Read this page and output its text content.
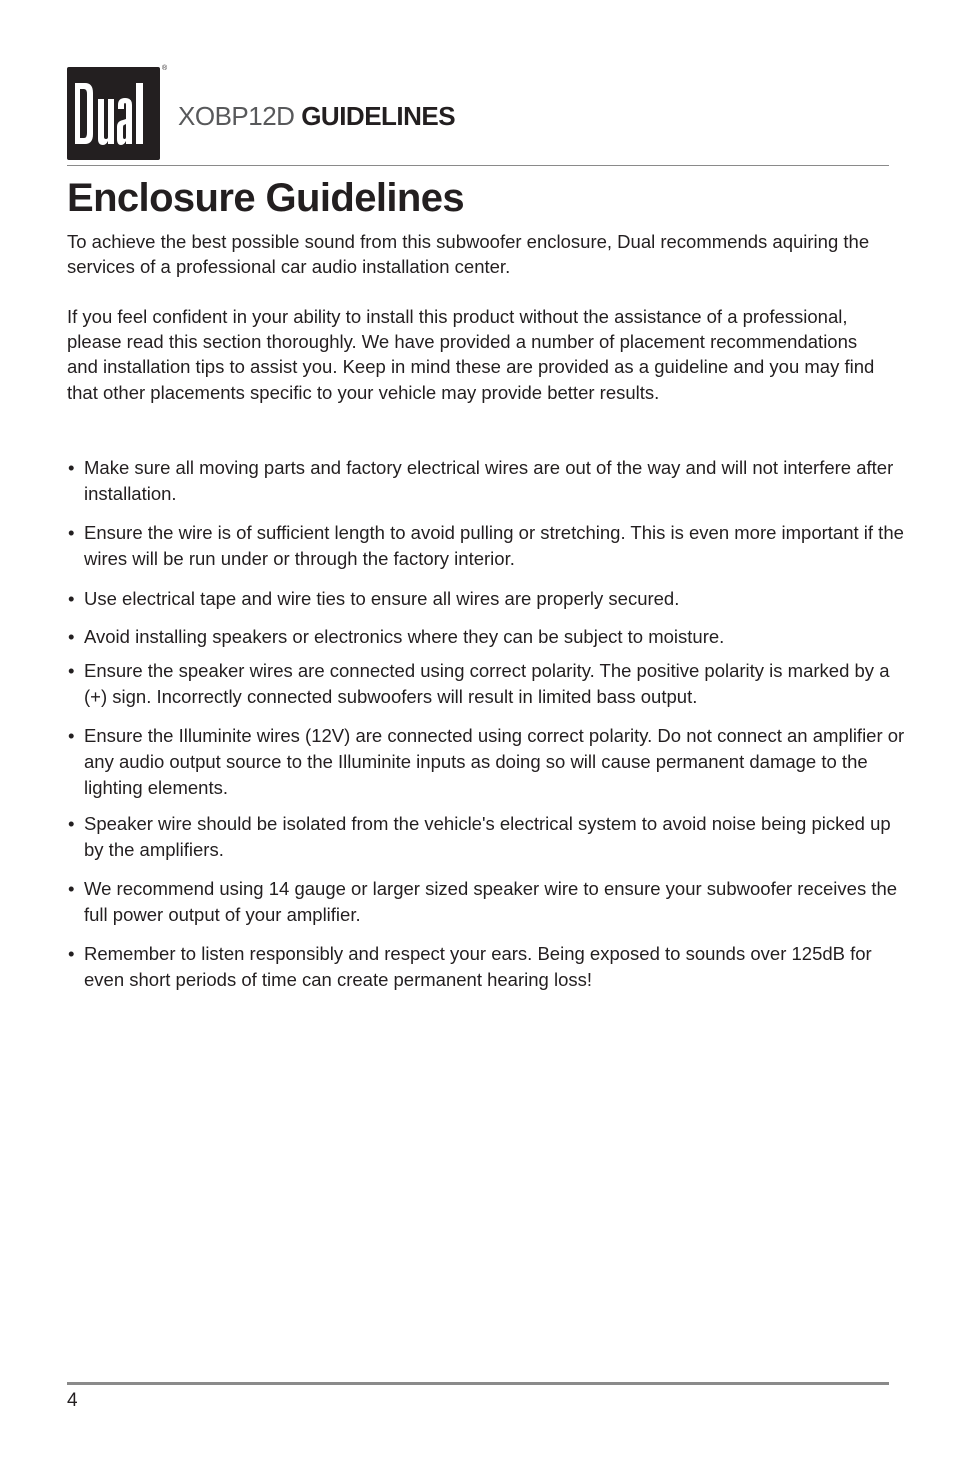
®
XOBP12D GUIDELINES
Enclosure Guidelines

To achieve the best possible sound from this subwoofer enclosure, Dual recommends aquiring the services of a professional car audio installation center.

If you feel confident in your ability to install this product without the assistance of a professional, please read this section thoroughly. We have provided a number of placement recommendations and installation tips to assist you. Keep in mind these are provided as a guideline and you may find that other placements specific to your vehicle may provide better results.

• Make sure all moving parts and factory electrical wires are out of the way and will not interfere after installation.
• Ensure the wire is of sufficient length to avoid pulling or stretching. This is even more important if the wires will be run under or through the factory interior.
• Use electrical tape and wire ties to ensure all wires are properly secured.
• Avoid installing speakers or electronics where they can be subject to moisture.
• Ensure the speaker wires are connected using correct polarity. The positive polarity is marked by a (+) sign. Incorrectly connected subwoofers will result in limited bass output.
• Ensure the Illuminite wires (12V) are connected using correct polarity. Do not connect an amplifier or any audio output source to the Illuminite inputs as doing so will cause permanent damage to the lighting elements.
• Speaker wire should be isolated from the vehicle's electrical system to avoid noise being picked up by the amplifiers.
• We recommend using 14 gauge or larger sized speaker wire to ensure your subwoofer receives the full power output of your amplifier.
• Remember to listen responsibly and respect your ears. Being exposed to sounds over 125dB for even short periods of time can create permanent hearing loss!
4
